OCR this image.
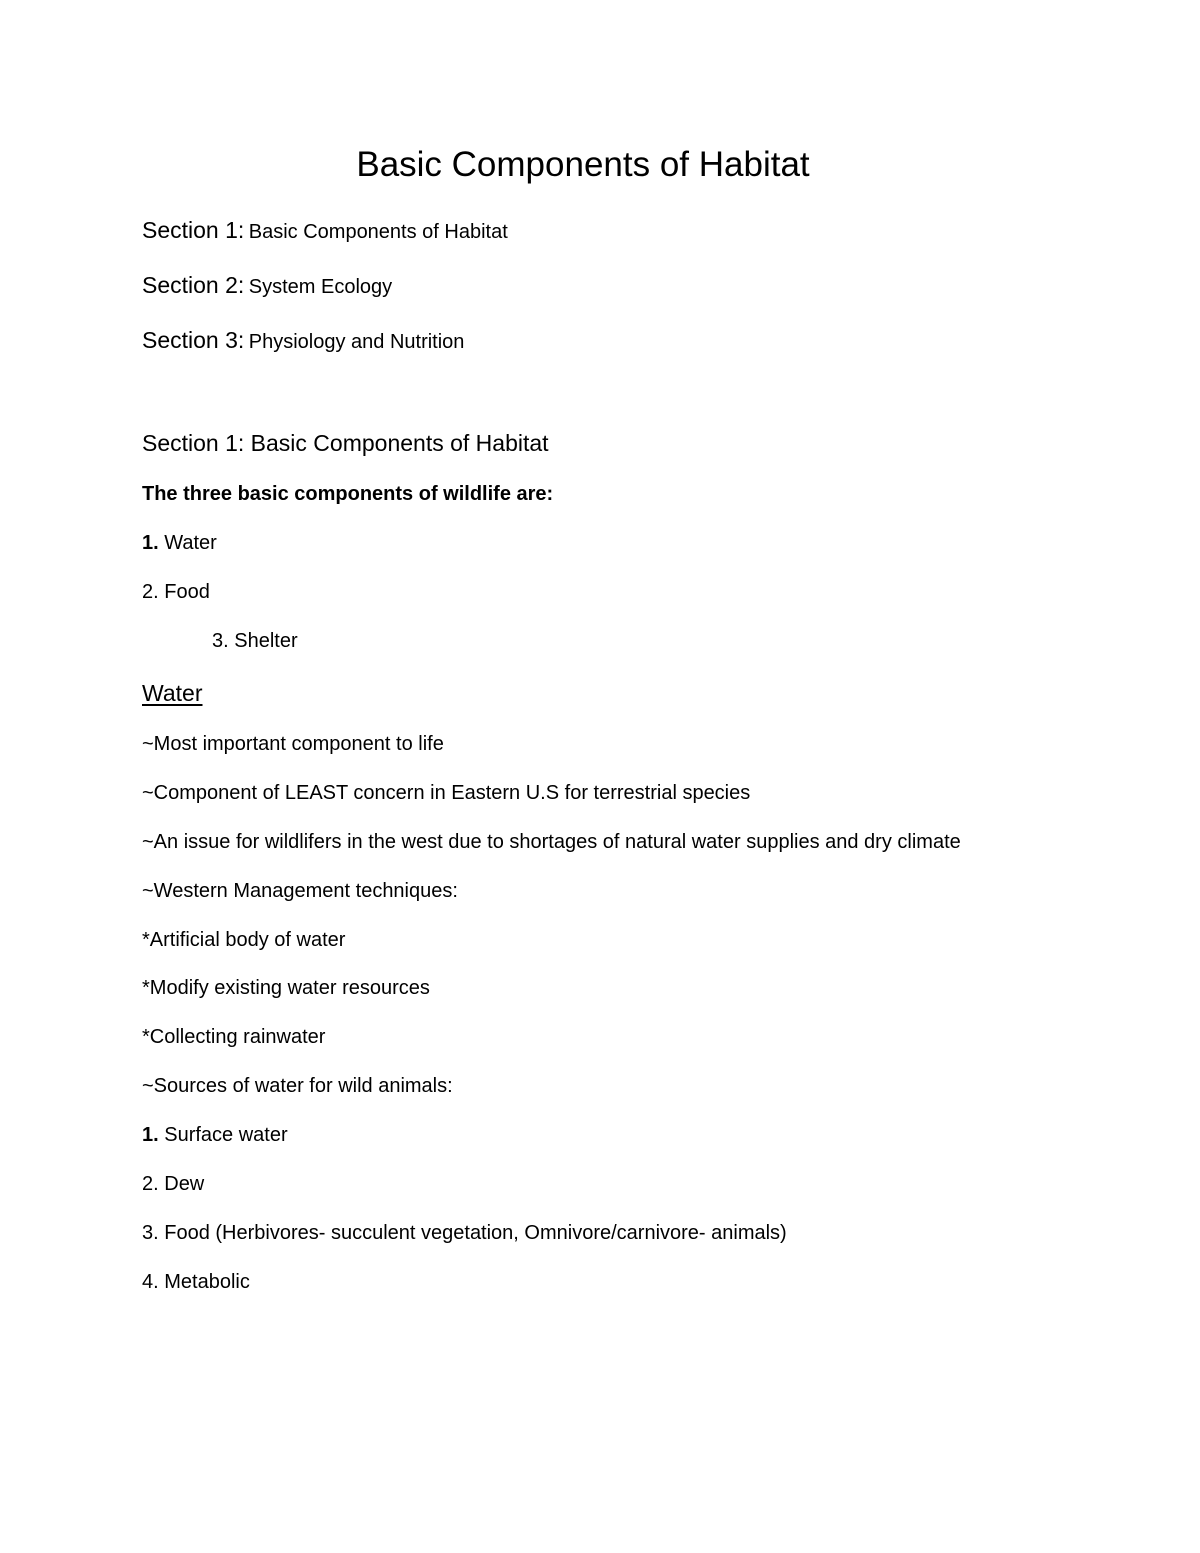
Basic Components of Habitat
Section 1: Basic Components of Habitat
Section 2: System Ecology
Section 3: Physiology and Nutrition
Section 1: Basic Components of Habitat
The three basic components of wildlife are:
1. Water
2. Food
3. Shelter
Water
~Most important component to life
~Component of LEAST concern in Eastern U.S for terrestrial species
~An issue for wildlifers in the west due to shortages of natural water supplies and dry climate
~Western Management techniques:
*Artificial body of water
*Modify existing water resources
*Collecting rainwater
~Sources of water for wild animals:
1. Surface water
2. Dew
3. Food (Herbivores- succulent vegetation, Omnivore/carnivore- animals)
4. Metabolic
